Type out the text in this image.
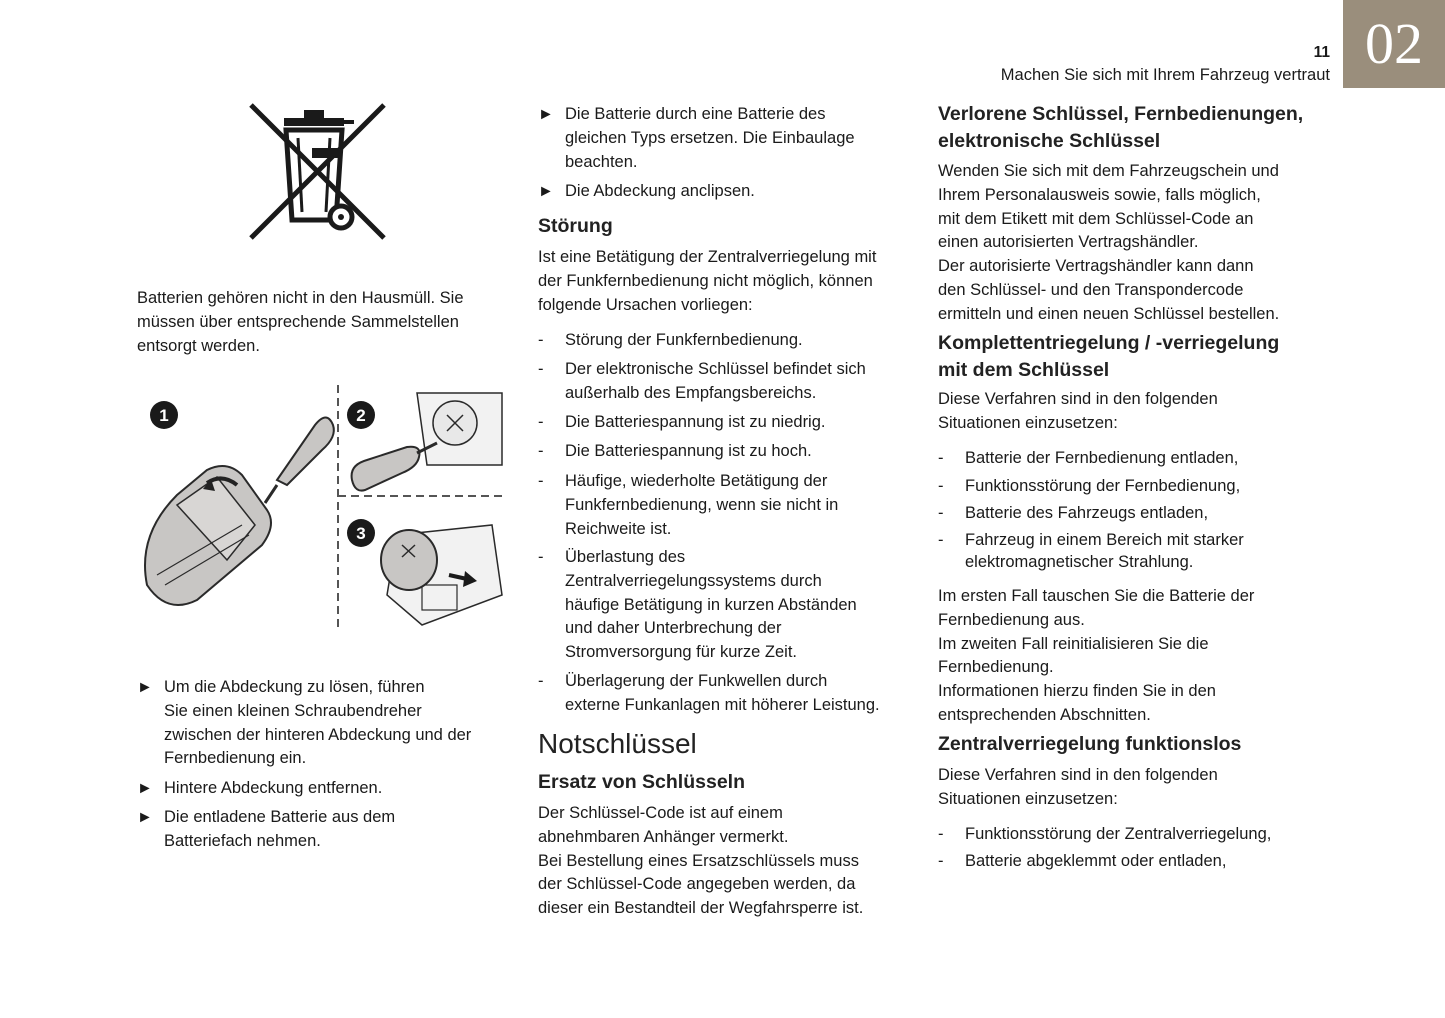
02
11
Machen Sie sich mit Ihrem Fahrzeug vertraut
Batterien gehören nicht in den Hausmüll. Sie
müssen über entsprechende Sammelstellen
entsorgt werden.
1	2
3
► Um die Abdeckung zu lösen, führen
Sie einen kleinen Schraubendreher
zwischen der hinteren Abdeckung und der
Fernbedienung ein.
► Hintere Abdeckung entfernen.
► Die entladene Batterie aus dem
Batteriefach nehmen.
► Die Batterie durch eine Batterie des
gleichen Typs ersetzen. Die Einbaulage
beachten.
► Die Abdeckung anclipsen.
Störung
Ist eine Betätigung der Zentralverriegelung mit
der Funkfernbedienung nicht möglich, können
folgende Ursachen vorliegen:
- Störung der Funkfernbedienung.
- Der elektronische Schlüssel befindet sich
außerhalb des Empfangsbereichs.
- Die Batteriespannung ist zu niedrig.
- Die Batteriespannung ist zu hoch.
- Häufige, wiederholte Betätigung der
Funkfernbedienung, wenn sie nicht in
Reichweite ist.
- Überlastung des
Zentralverriegelungssystems durch
häufige Betätigung in kurzen Abständen
und daher Unterbrechung der
Stromversorgung für kurze Zeit.
- Überlagerung der Funkwellen durch
externe Funkanlagen mit höherer Leistung.
Notschlüssel
Ersatz von Schlüsseln
Der Schlüssel-Code ist auf einem
abnehmbaren Anhänger vermerkt.
Bei Bestellung eines Ersatzschlüssels muss
der Schlüssel-Code angegeben werden, da
dieser ein Bestandteil der Wegfahrsperre ist.
Verlorene Schlüssel, Fernbedienungen,
elektronische Schlüssel
Wenden Sie sich mit dem Fahrzeugschein und
Ihrem Personalausweis sowie, falls möglich,
mit dem Etikett mit dem Schlüssel-Code an
einen autorisierten Vertragshändler.
Der autorisierte Vertragshändler kann dann
den Schlüssel- und den Transpondercode
ermitteln und einen neuen Schlüssel bestellen.
Komplettentriegelung / -verriegelung
mit dem Schlüssel
Diese Verfahren sind in den folgenden
Situationen einzusetzen:
- Batterie der Fernbedienung entladen,
- Funktionsstörung der Fernbedienung,
- Batterie des Fahrzeugs entladen,
- Fahrzeug in einem Bereich mit starker
elektromagnetischer Strahlung.
Im ersten Fall tauschen Sie die Batterie der
Fernbedienung aus.
Im zweiten Fall reinitialisieren Sie die
Fernbedienung.
Informationen hierzu finden Sie in den
entsprechenden Abschnitten.
Zentralverriegelung funktionslos
Diese Verfahren sind in den folgenden
Situationen einzusetzen:
- Funktionsstörung der Zentralverriegelung,
- Batterie abgeklemmt oder entladen,
